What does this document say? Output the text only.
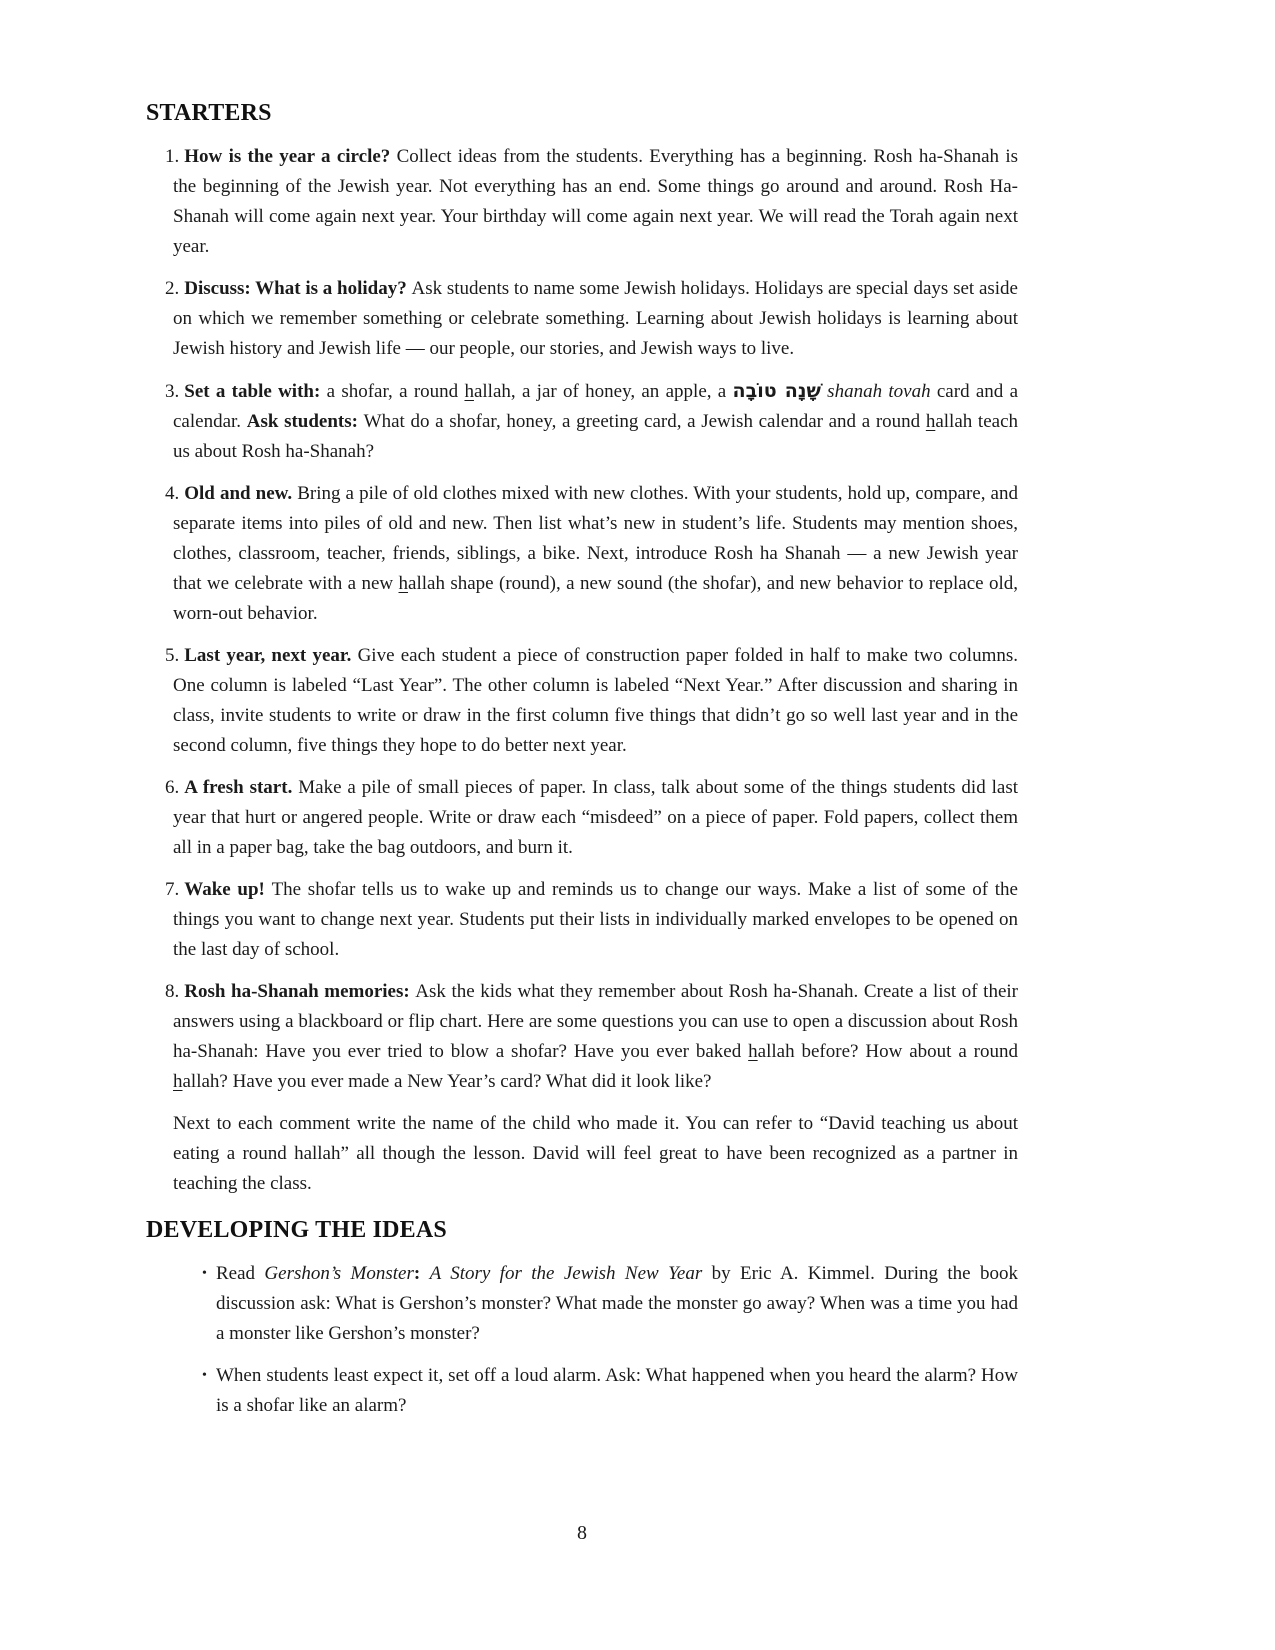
STARTERS
1. How is the year a circle? Collect ideas from the students. Everything has a beginning. Rosh ha-Shanah is the beginning of the Jewish year. Not everything has an end. Some things go around and around. Rosh Ha-Shanah will come again next year. Your birthday will come again next year. We will read the Torah again next year.
2. Discuss: What is a holiday? Ask students to name some Jewish holidays. Holidays are special days set aside on which we remember something or celebrate something. Learning about Jewish holidays is learning about Jewish history and Jewish life — our people, our stories, and Jewish ways to live.
3. Set a table with: a shofar, a round hallah, a jar of honey, an apple, a שָׁנָה טוֹבָה shanah tovah card and a calendar. Ask students: What do a shofar, honey, a greeting card, a Jewish calendar and a round hallah teach us about Rosh ha-Shanah?
4. Old and new. Bring a pile of old clothes mixed with new clothes. With your students, hold up, compare, and separate items into piles of old and new. Then list what’s new in student’s life. Students may mention shoes, clothes, classroom, teacher, friends, siblings, a bike. Next, introduce Rosh ha Shanah — a new Jewish year that we celebrate with a new hallah shape (round), a new sound (the shofar), and new behavior to replace old, worn-out behavior.
5. Last year, next year. Give each student a piece of construction paper folded in half to make two columns. One column is labeled “Last Year”. The other column is labeled “Next Year.” After discussion and sharing in class, invite students to write or draw in the first column five things that didn’t go so well last year and in the second column, five things they hope to do better next year.
6. A fresh start. Make a pile of small pieces of paper. In class, talk about some of the things students did last year that hurt or angered people. Write or draw each “misdeed” on a piece of paper. Fold papers, collect them all in a paper bag, take the bag outdoors, and burn it.
7. Wake up! The shofar tells us to wake up and reminds us to change our ways. Make a list of some of the things you want to change next year. Students put their lists in individually marked envelopes to be opened on the last day of school.
8. Rosh ha-Shanah memories: Ask the kids what they remember about Rosh ha-Shanah. Create a list of their answers using a blackboard or flip chart. Here are some questions you can use to open a discussion about Rosh ha-Shanah: Have you ever tried to blow a shofar? Have you ever baked hallah before? How about a round hallah? Have you ever made a New Year’s card? What did it look like?
Next to each comment write the name of the child who made it. You can refer to “David teaching us about eating a round hallah” all though the lesson. David will feel great to have been recognized as a partner in teaching the class.
DEVELOPING THE IDEAS
• Read Gershon’s Monster: A Story for the Jewish New Year by Eric A. Kimmel. During the book discussion ask: What is Gershon’s monster? What made the monster go away? When was a time you had a monster like Gershon’s monster?
• When students least expect it, set off a loud alarm. Ask: What happened when you heard the alarm? How is a shofar like an alarm?
8
